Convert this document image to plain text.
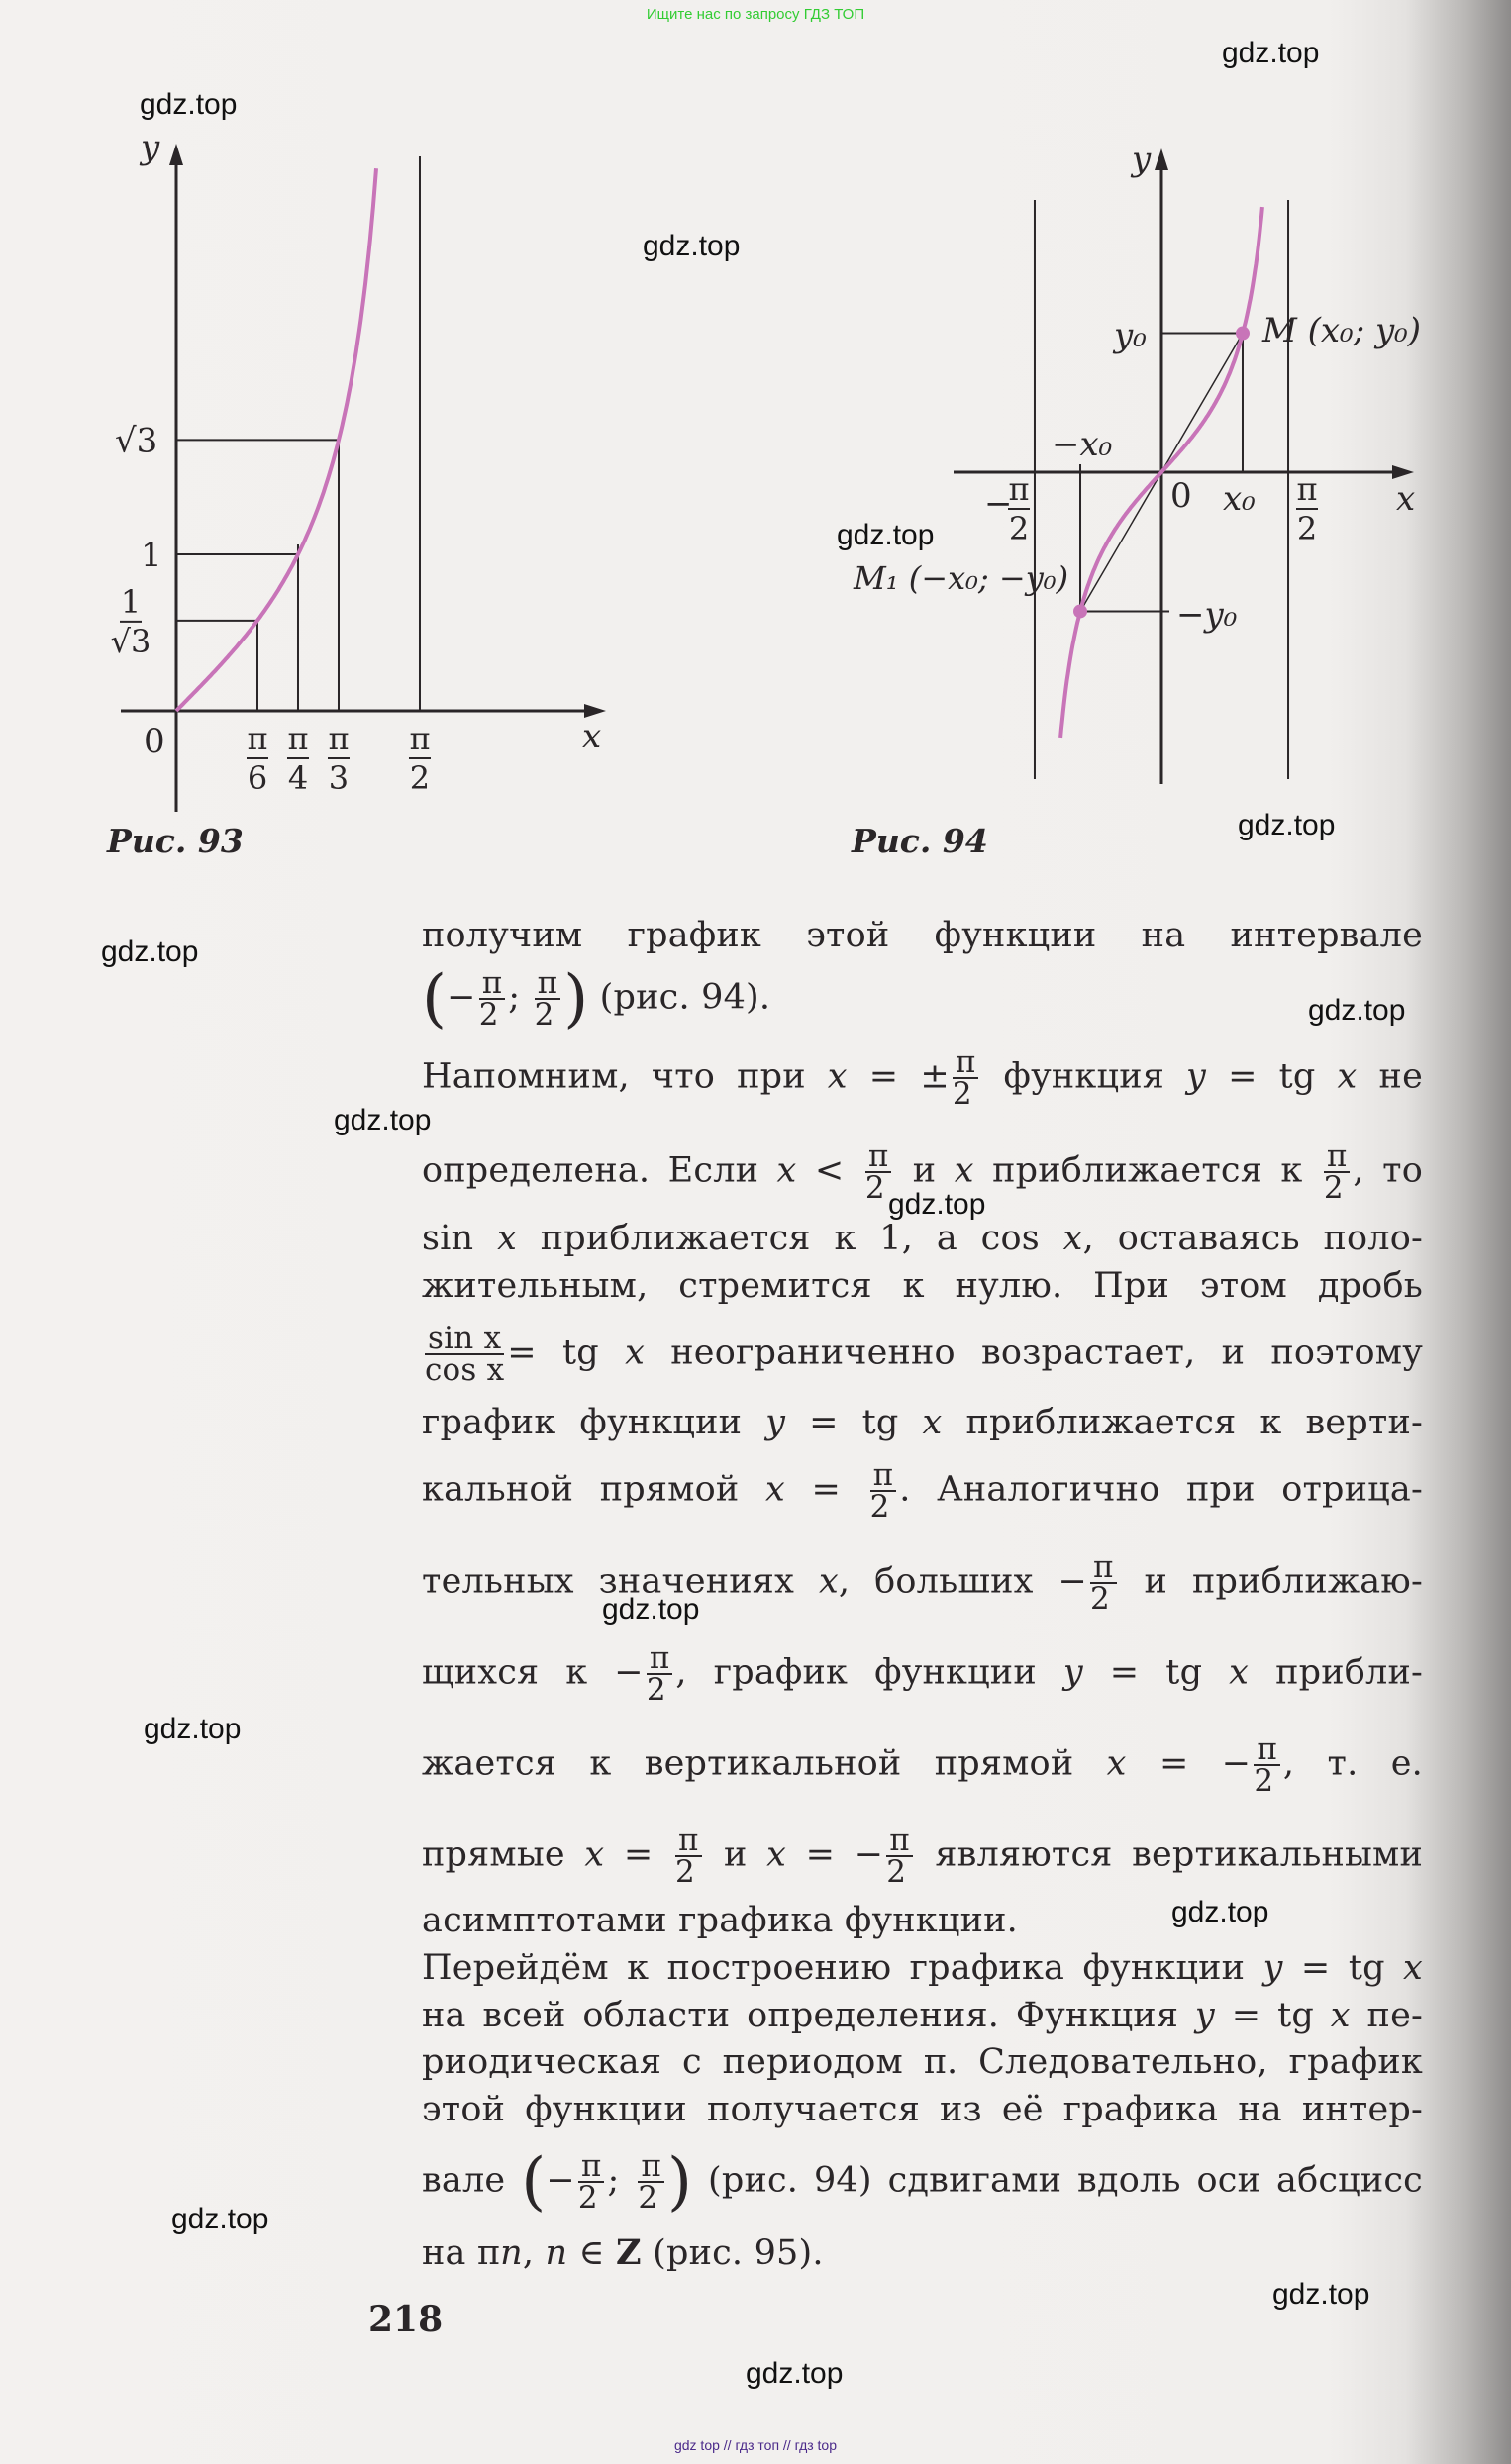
Ищите нас по запросу ГДЗ ТОП
y
0	x
√3
1
1
√3
π
6
π
4
π
3
π
2
y
y₀	M (x₀; y₀)
−x₀
0 x₀	x
−
π
2
π
2
M₁ (−x₀; −y₀)
−y₀
Рис. 93	Рис. 94
получим график этой функции на интервале
(− $\frac{\pi}{2}$ ; $\frac{\pi}{2}$ ) (рис. 94).
Напомним, что при x = ± $\frac{\pi}{2}$ функция y = tg x не
определена. Если $x < \frac{\pi}{2}$ и x приближается к $\frac{\pi}{2}$ , то
sin x приближается к 1, а cos x, оставаясь поло-
жительным, стремится к нулю. При этом дробь
$\frac{\text{sin x}}{\text{cos x}}$ = tg x неограниченно возрастает, и поэтому
график функции y = tg x приближается к верти-
кальной прямой $x = \frac{\pi}{2}$ . Аналогично при отрица-
тельных значениях x, больших − $\frac{\pi}{2}$ и приближаю-
щихся $к - \frac{\pi}{2}$ , график функции y = tg x прибли-
жается к вертикальной прямой x = − $\frac{\pi}{2}$ , т. е.
прямые $x = \frac{\pi}{2}$ и x = − $\frac{\pi}{2}$ являются вертикальными
асимптотами графика функции.
Перейдём к построению графика функции y = tg x
на всей области определения. Функция y = tg x пе-
риодическая с периодом π. Следовательно, график
этой функции получается из её графика на интер-
вале (− $\frac{\pi}{2}$ ; $\frac{\pi}{2}$ ) (рис. 94) сдвигами вдоль оси абсцисс
на πn, n ∈ Z (рис. 95).
218
gdz.top
gdz.top
gdz.top
gdz.top
gdz.top
gdz.top
gdz.top
gdz.top
gdz.top
gdz.top
gdz.top
gdz.top
gdz.top
gdz.top
gdz.top
gdz top // гдз топ // гдз top
